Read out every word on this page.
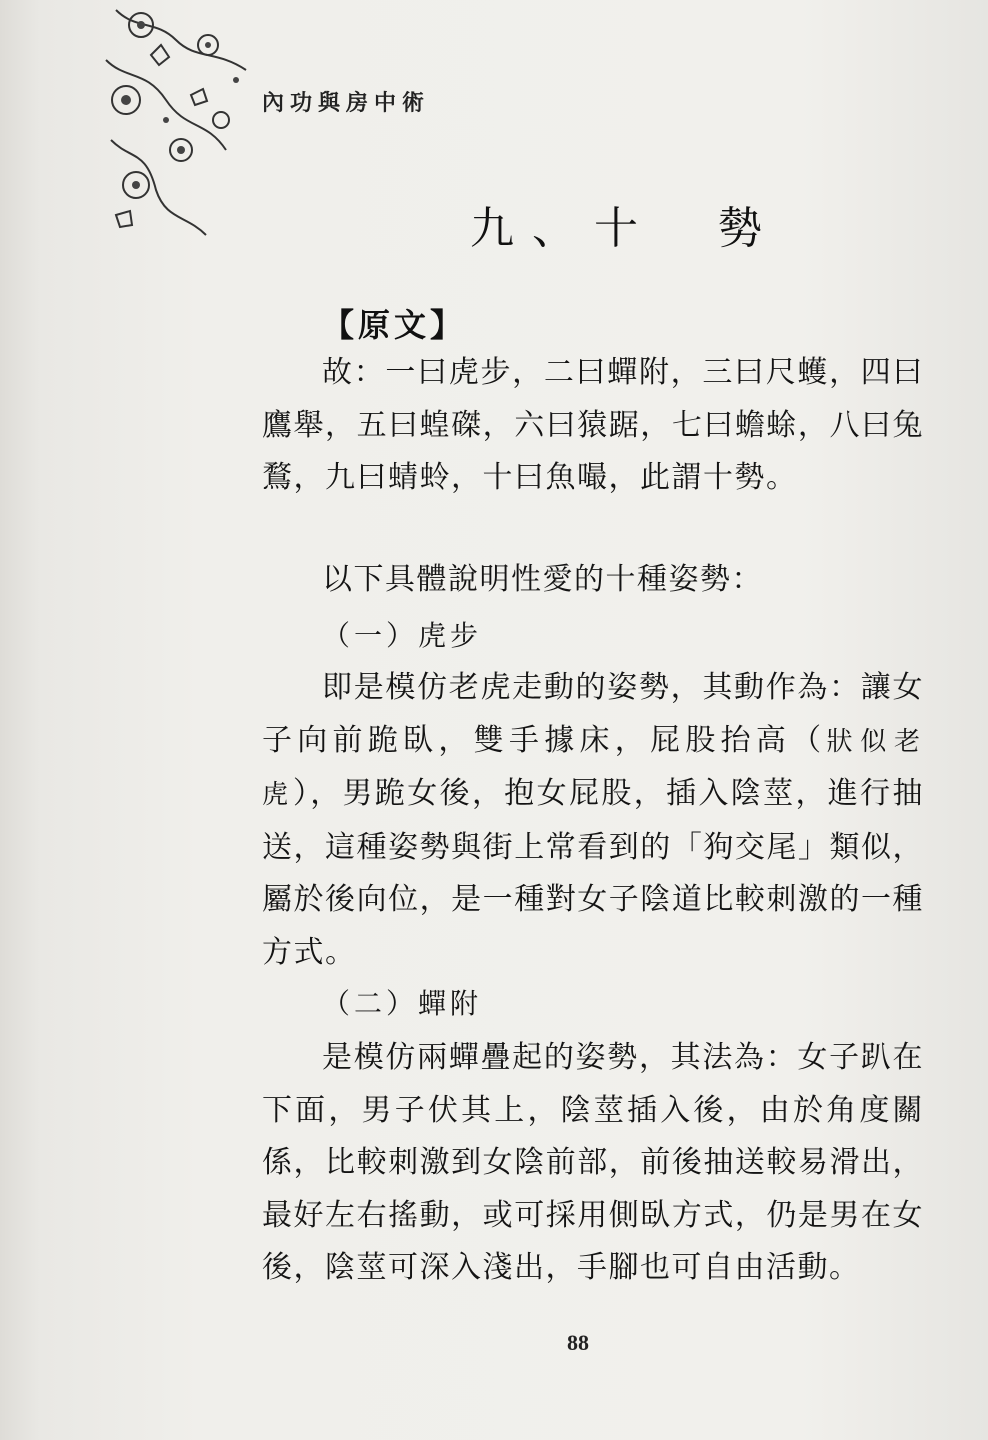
內功與房中術
九、十　勢
【原文】
故：一曰虎步，二曰蟬附，三曰尺蠖，四曰鷹舉，五曰蝗磔，六曰猿踞，七曰蟾蜍，八曰兔鶩，九曰蜻蛉，十曰魚嘬，此謂十勢。
以下具體說明性愛的十種姿勢：
（一）虎步
即是模仿老虎走動的姿勢，其動作為：讓女子向前跪臥，雙手據床，屁股抬高（狀似老虎），男跪女後，抱女屁股，插入陰莖，進行抽送，這種姿勢與街上常看到的「狗交尾」類似，屬於後向位，是一種對女子陰道比較刺激的一種方式。
（二）蟬附
是模仿兩蟬疊起的姿勢，其法為：女子趴在下面，男子伏其上，陰莖插入後，由於角度關係，比較刺激到女陰前部，前後抽送較易滑出，最好左右搖動，或可採用側臥方式，仍是男在女後，陰莖可深入淺出，手腳也可自由活動。
88
